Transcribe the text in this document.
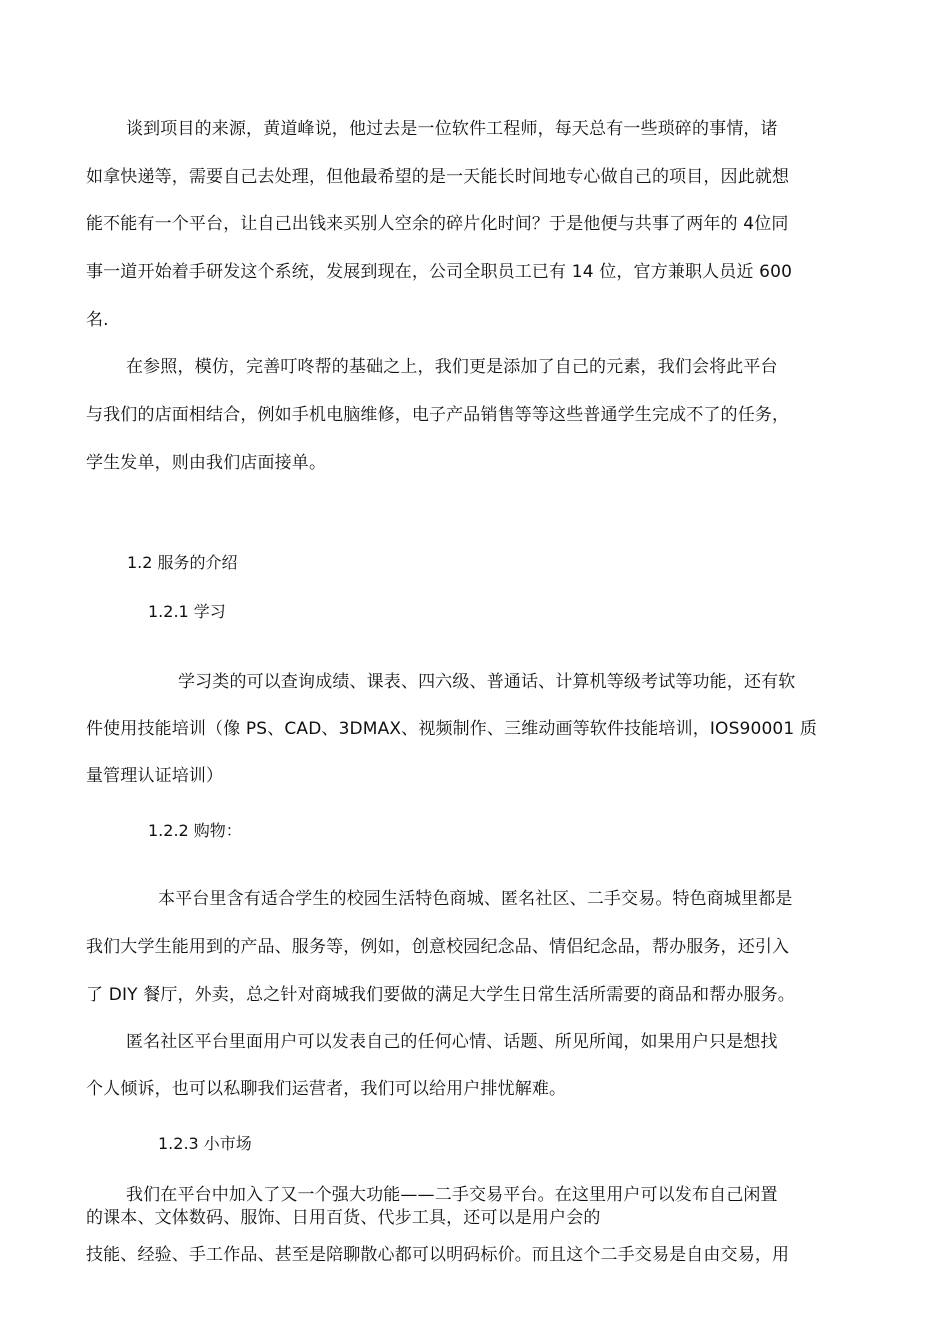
谈到项目的来源，黄道峰说，他过去是一位软件工程师，每天总有一些琐碎的事情，诸
如拿快递等，需要自己去处理，但他最希望的是一天能长时间地专心做自己的项目，因此就想
能不能有一个平台，让自己出钱来买别人空余的碎片化时间？于是他便与共事了两年的 4位同
事一道开始着手研发这个系统，发展到现在，公司全职员工已有 14 位，官方兼职人员近 600
名.
在参照，模仿，完善叮咚帮的基础之上，我们更是添加了自己的元素，我们会将此平台
与我们的店面相结合，例如手机电脑维修，电子产品销售等等这些普通学生完成不了的任务，
学生发单，则由我们店面接单。
1.2 服务的介绍
1.2.1 学习
学习类的可以查询成绩、课表、四六级、普通话、计算机等级考试等功能，还有软
件使用技能培训（像 PS、CAD、3DMAX、视频制作、三维动画等软件技能培训，IOS90001 质
量管理认证培训）
1.2.2 购物：
本平台里含有适合学生的校园生活特色商城、匿名社区、二手交易。特色商城里都是
我们大学生能用到的产品、服务等，例如，创意校园纪念品、情侣纪念品，帮办服务，还引入
了 DIY 餐厅，外卖，总之针对商城我们要做的满足大学生日常生活所需要的商品和帮办服务。
匿名社区平台里面用户可以发表自己的任何心情、话题、所见所闻，如果用户只是想找
个人倾诉，也可以私聊我们运营者，我们可以给用户排忧解难。
1.2.3 小市场
我们在平台中加入了又一个强大功能——二手交易平台。在这里用户可以发布自己闲置
的课本、文体数码、服饰、日用百货、代步工具，还可以是用户会的
技能、经验、手工作品、甚至是陪聊散心都可以明码标价。而且这个二手交易是自由交易，用
